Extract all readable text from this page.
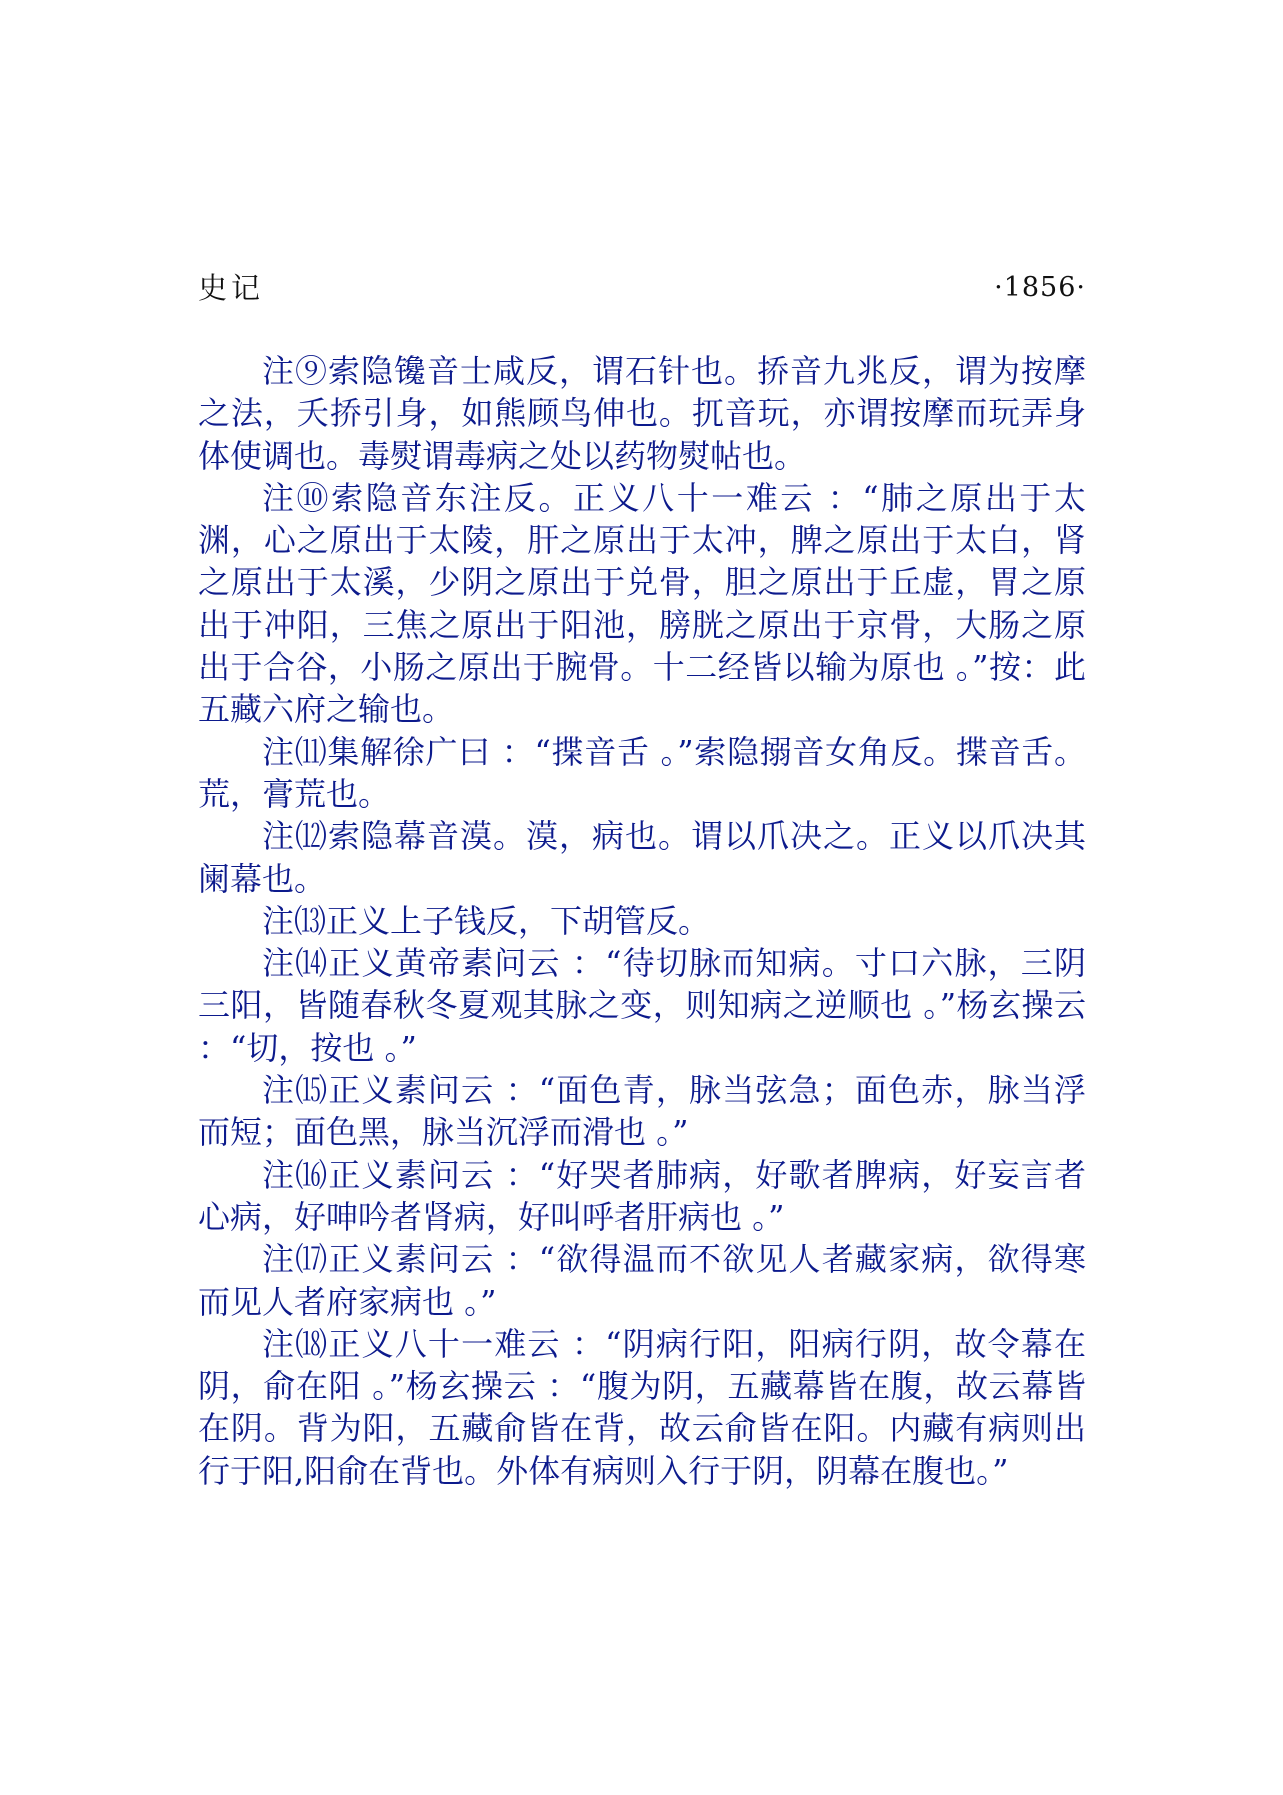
史记	·1856·

注⑨索隐镵音士咸反，谓石针也。挢音九兆反，谓为按摩之法，夭挢引身，如熊顾鸟伸也。扤音玩，亦谓按摩而玩弄身体使调也。毒熨谓毒病之处以药物熨帖也。

注⑩索隐音东注反。正义八十一难云 ：“肺之原出于太渊，心之原出于太陵，肝之原出于太冲，脾之原出于太白，肾之原出于太溪，少阴之原出于兑骨，胆之原出于丘虚，胃之原出于冲阳，三焦之原出于阳池，膀胱之原出于京骨，大肠之原出于合谷，小肠之原出于腕骨。十二经皆以输为原也 。”按：此五藏六府之输也。

注⑾集解徐广曰 ：“揲音舌 。”索隐搦音女角反。揲音舌。荒，膏荒也。

注⑿索隐幕音漠。漠，病也。谓以爪决之。正义以爪决其阑幕也。

注⒀正义上子钱反，下胡管反。

注⒁正义黄帝素问云 ：“待切脉而知病。寸口六脉，三阴三阳，皆随春秋冬夏观其脉之变，则知病之逆顺也 。”杨玄操云 ：“切，按也 。”

注⒂正义素问云 ：“面色青，脉当弦急；面色赤，脉当浮而短；面色黑，脉当沉浮而滑也 。”

注⒃正义素问云 ：“好哭者肺病，好歌者脾病，好妄言者心病，好呻吟者肾病，好叫呼者肝病也 。”

注⒄正义素问云 ：“欲得温而不欲见人者藏家病，欲得寒而见人者府家病也 。”

注⒅正义八十一难云 ：“阴病行阳，阳病行阴，故令幕在阴，俞在阳 。”杨玄操云 ：“腹为阴，五藏幕皆在腹，故云幕皆在阴。背为阳，五藏俞皆在背，故云俞皆在阳。内藏有病则出行于阳,阳俞在背也。外体有病则入行于阴，阴幕在腹也。”
